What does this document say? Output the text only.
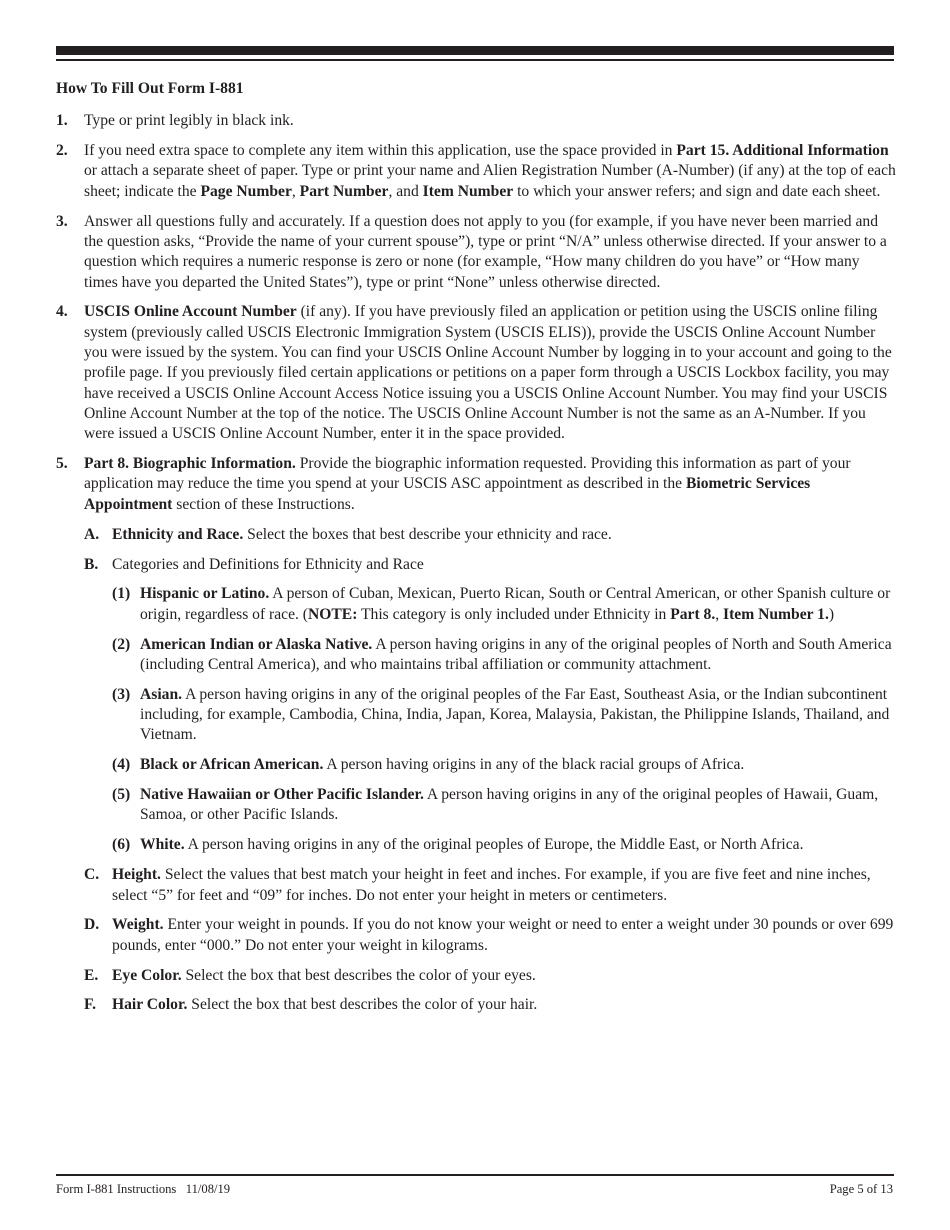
How To Fill Out Form I-881
1.	Type or print legibly in black ink.
2.	If you need extra space to complete any item within this application, use the space provided in Part 15. Additional Information or attach a separate sheet of paper. Type or print your name and Alien Registration Number (A-Number) (if any) at the top of each sheet; indicate the Page Number, Part Number, and Item Number to which your answer refers; and sign and date each sheet.
3.	Answer all questions fully and accurately. If a question does not apply to you (for example, if you have never been married and the question asks, “Provide the name of your current spouse”), type or print “N/A” unless otherwise directed. If your answer to a question which requires a numeric response is zero or none (for example, “How many children do you have” or “How many times have you departed the United States”), type or print “None” unless otherwise directed.
4.	USCIS Online Account Number (if any). If you have previously filed an application or petition using the USCIS online filing system (previously called USCIS Electronic Immigration System (USCIS ELIS)), provide the USCIS Online Account Number you were issued by the system. You can find your USCIS Online Account Number by logging in to your account and going to the profile page. If you previously filed certain applications or petitions on a paper form through a USCIS Lockbox facility, you may have received a USCIS Online Account Access Notice issuing you a USCIS Online Account Number. You may find your USCIS Online Account Number at the top of the notice. The USCIS Online Account Number is not the same as an A-Number. If you were issued a USCIS Online Account Number, enter it in the space provided.
5.	Part 8. Biographic Information. Provide the biographic information requested. Providing this information as part of your application may reduce the time you spend at your USCIS ASC appointment as described in the Biometric Services Appointment section of these Instructions.
A. Ethnicity and Race. Select the boxes that best describe your ethnicity and race.
B. Categories and Definitions for Ethnicity and Race
(1) Hispanic or Latino. A person of Cuban, Mexican, Puerto Rican, South or Central American, or other Spanish culture or origin, regardless of race. (NOTE: This category is only included under Ethnicity in Part 8., Item Number 1.)
(2) American Indian or Alaska Native. A person having origins in any of the original peoples of North and South America (including Central America), and who maintains tribal affiliation or community attachment.
(3) Asian. A person having origins in any of the original peoples of the Far East, Southeast Asia, or the Indian subcontinent including, for example, Cambodia, China, India, Japan, Korea, Malaysia, Pakistan, the Philippine Islands, Thailand, and Vietnam.
(4) Black or African American. A person having origins in any of the black racial groups of Africa.
(5) Native Hawaiian or Other Pacific Islander. A person having origins in any of the original peoples of Hawaii, Guam, Samoa, or other Pacific Islands.
(6) White. A person having origins in any of the original peoples of Europe, the Middle East, or North Africa.
C. Height. Select the values that best match your height in feet and inches. For example, if you are five feet and nine inches, select “5” for feet and “09” for inches. Do not enter your height in meters or centimeters.
D. Weight. Enter your weight in pounds. If you do not know your weight or need to enter a weight under 30 pounds or over 699 pounds, enter “000.” Do not enter your weight in kilograms.
E. Eye Color. Select the box that best describes the color of your eyes.
F.	Hair Color. Select the box that best describes the color of your hair.
Form I-881 Instructions   11/08/19	Page 5 of 13
